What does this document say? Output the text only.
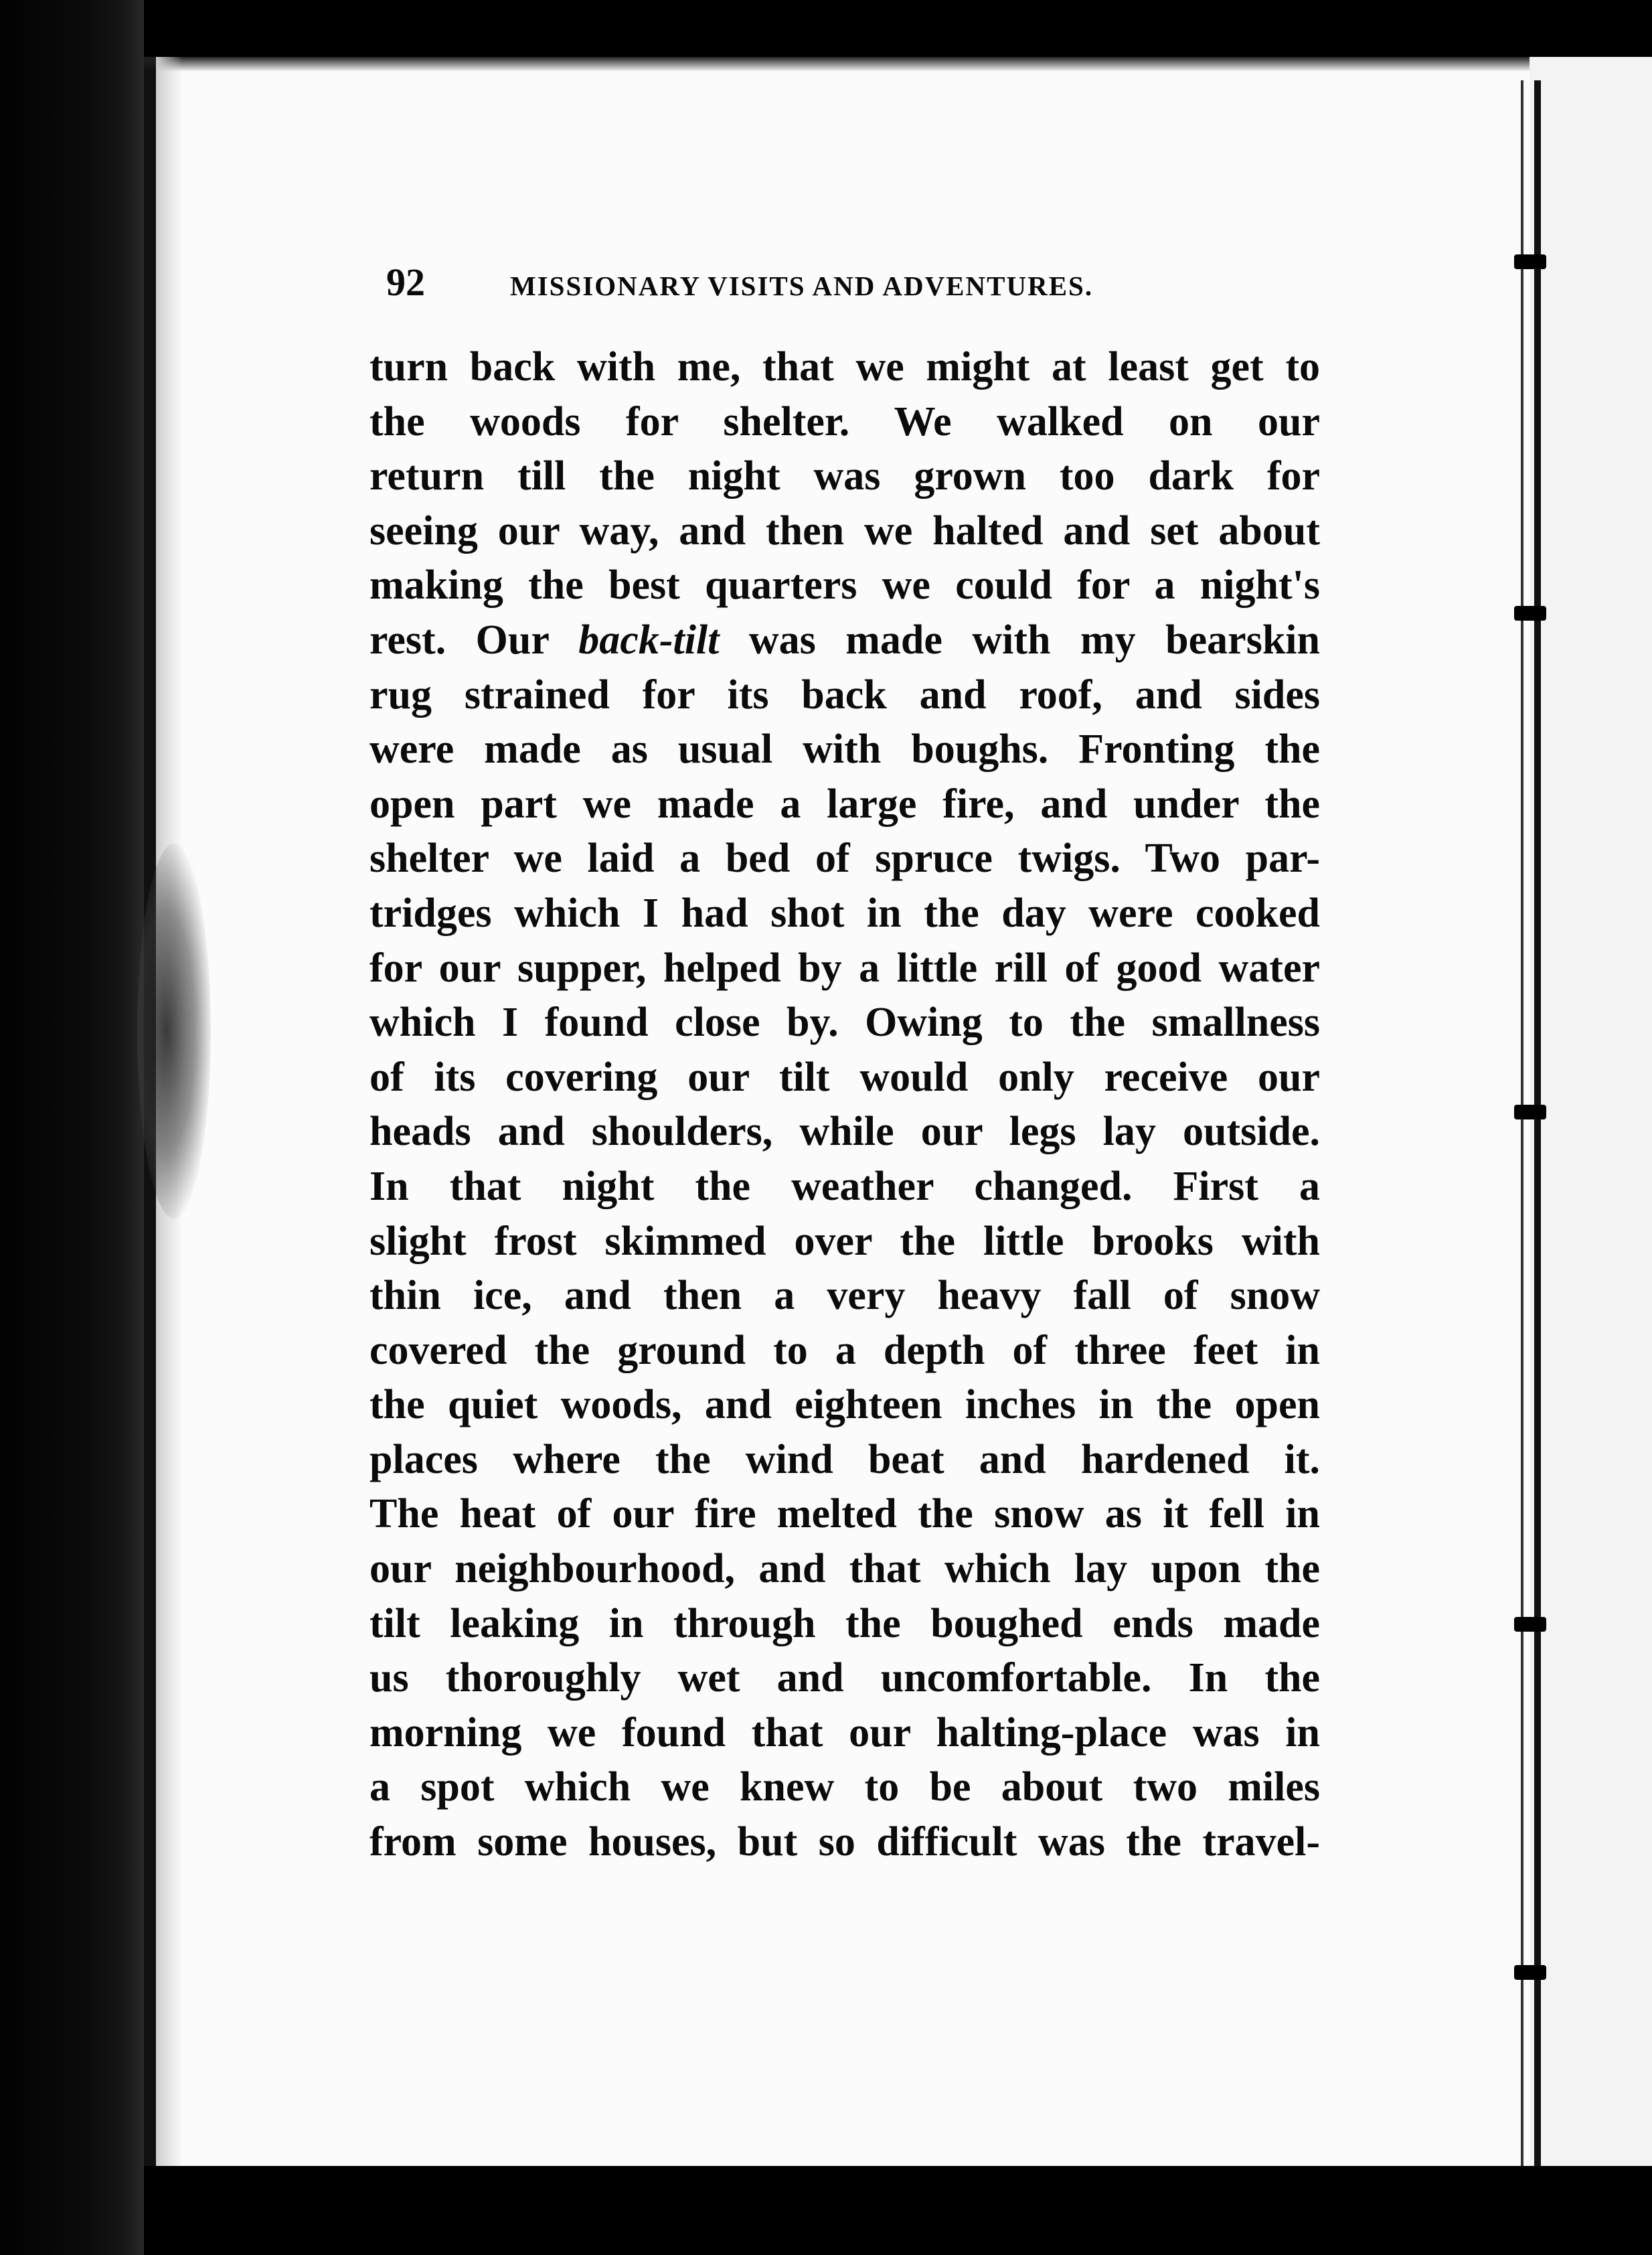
92	MISSIONARY VISITS AND ADVENTURES.
turn back with me, that we might at least get to
the woods for shelter. We walked on our
return till the night was grown too dark for
seeing our way, and then we halted and set about
making the best quarters we could for a night's
rest. Our back-tilt was made with my bearskin
rug strained for its back and roof, and sides
were made as usual with boughs. Fronting the
open part we made a large fire, and under the
shelter we laid a bed of spruce twigs. Two par-
tridges which I had shot in the day were cooked
for our supper, helped by a little rill of good water
which I found close by. Owing to the smallness
of its covering our tilt would only receive our
heads and shoulders, while our legs lay outside.
In that night the weather changed. First a
slight frost skimmed over the little brooks with
thin ice, and then a very heavy fall of snow
covered the ground to a depth of three feet in
the quiet woods, and eighteen inches in the open
places where the wind beat and hardened it.
The heat of our fire melted the snow as it fell in
our neighbourhood, and that which lay upon the
tilt leaking in through the boughed ends made
us thoroughly wet and uncomfortable. In the
morning we found that our halting-place was in
a spot which we knew to be about two miles
from some houses, but so difficult was the travel-
